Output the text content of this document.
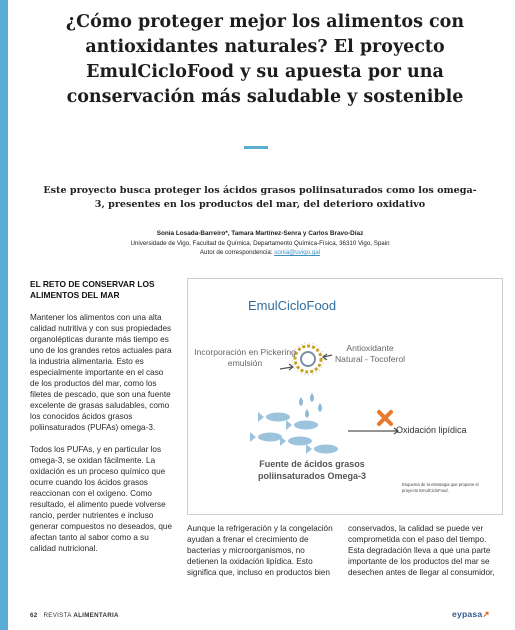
¿Cómo proteger mejor los alimentos con antioxidantes naturales? El proyecto EmulCicloFood y su apuesta por una conservación más saludable y sostenible

Este proyecto busca proteger los ácidos grasos poliinsaturados como los omega-3, presentes en los productos del mar, del deterioro oxidativo

Sonia Losada-Barreiro*, Tamara Martínez-Senra y Carlos Bravo-Díaz
Universidade de Vigo, Facultad de Química, Departamento Química-Física, 36310 Vigo, Spain
Autor de correspondencia: sonia@uvigo.gal
EL RETO DE CONSERVAR LOS ALIMENTOS DEL MAR

Mantener los alimentos con una alta calidad nutritiva y con sus propiedades organolépticas durante más tiempo es uno de los grandes retos actuales para la industria alimentaria. Esto es especialmente importante en el caso de los productos del mar, como los filetes de pescado, que son una fuente excelente de grasas saludables, como los conocidos ácidos grasos poliinsaturados (PUFAs) omega-3.

Todos los PUFAs, y en particular los omega-3, se oxidan fácilmente. La oxidación es un proceso químico que ocurre cuando los ácidos grasos reaccionan con el oxígeno. Como resultado, el alimento puede volverse rancio, perder nutrientes e incluso generar compuestos no deseados, que afectan tanto al sabor como a su calidad nutricional.

EmulCicloFood
Incorporación en Pickering emulsión
Antioxidante Natural - Tocoferol
Oxidación lipídica
Fuente de ácidos grasos poliinsaturados Omega-3
Esquema de la estrategia que propone el proyecto EmulCicloFood.

Aunque la refrigeración y la congelación ayudan a frenar el crecimiento de bacterias y microorganismos, no detienen la oxidación lipídica. Esto significa que, incluso en productos bien

conservados, la calidad se puede ver comprometida con el paso del tiempo. Esta degradación lleva a que una parte importante de los productos del mar se desechen antes de llegar al consumidor,

62 REVISTA ALIMENTARIA	eypasa↗
